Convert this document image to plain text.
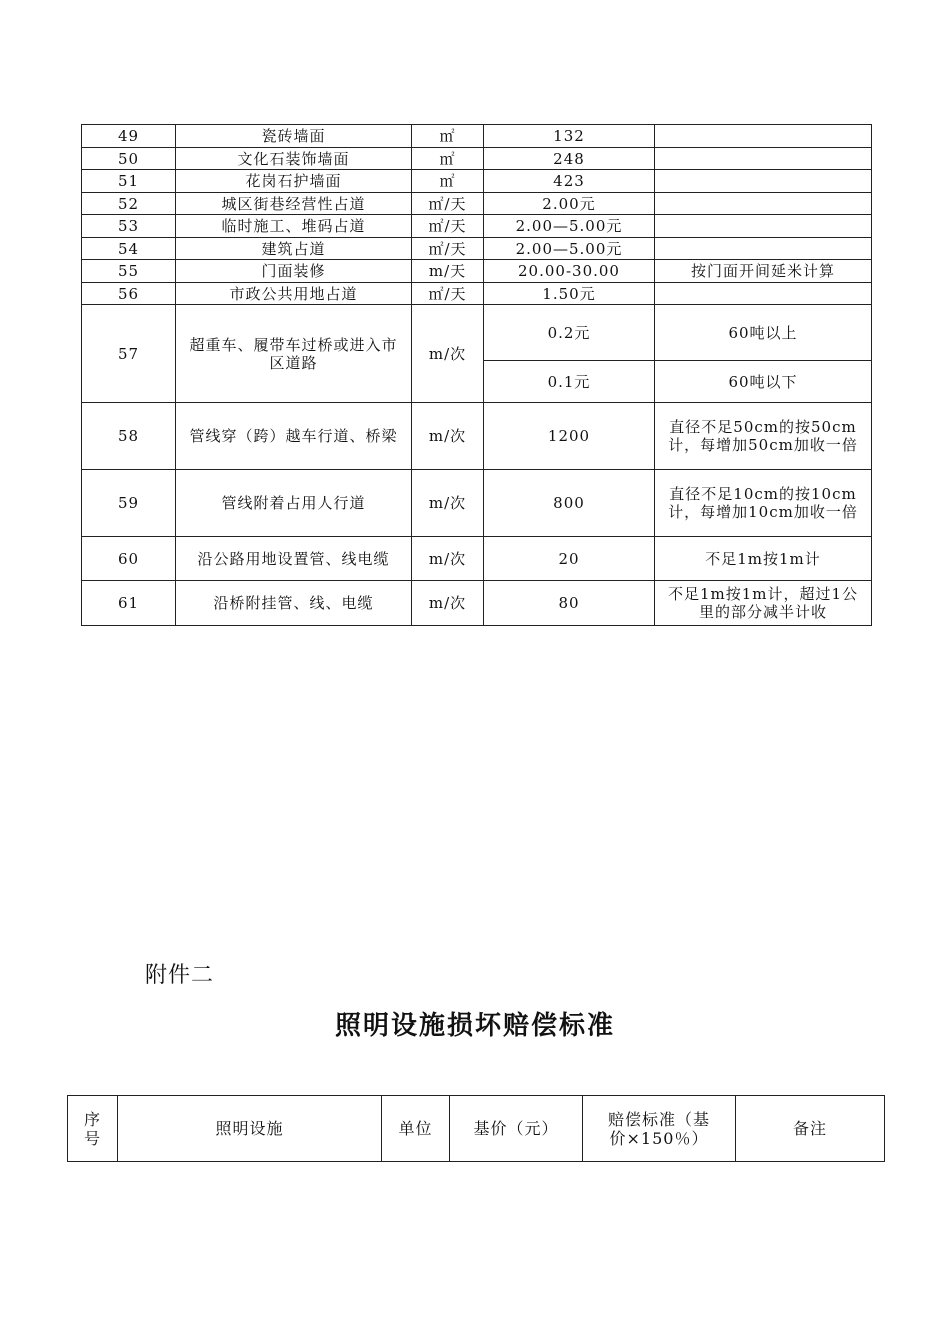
49	瓷砖墙面	㎡	132	
50	文化石装饰墙面	㎡	248	
51	花岗石护墙面	㎡	423	
52	城区街巷经营性占道	㎡/天	2.00元	
53	临时施工、堆码占道	㎡/天	2.00—5.00元	
54	建筑占道	㎡/天	2.00—5.00元	
55	门面装修	m/天	20.00-30.00	按门面开间延米计算
56	市政公共用地占道	㎡/天	1.50元	
57	超重车、履带车过桥或进入市区道路	m/次	0.2元	60吨以上
			0.1元	60吨以下
58	管线穿（跨）越车行道、桥梁	m/次	1200	直径不足50cm的按50cm计，每增加50cm加收一倍
59	管线附着占用人行道	m/次	800	直径不足10cm的按10cm计，每增加10cm加收一倍
60	沿公路用地设置管、线电缆	m/次	20	不足1m按1m计
61	沿桥附挂管、线、电缆	m/次	80	不足1m按1m计，超过1公里的部分减半计收
附件二
照明设施损坏赔偿标准
序号	照明设施	单位	基价（元）	赔偿标准（基价×150％）	备注
